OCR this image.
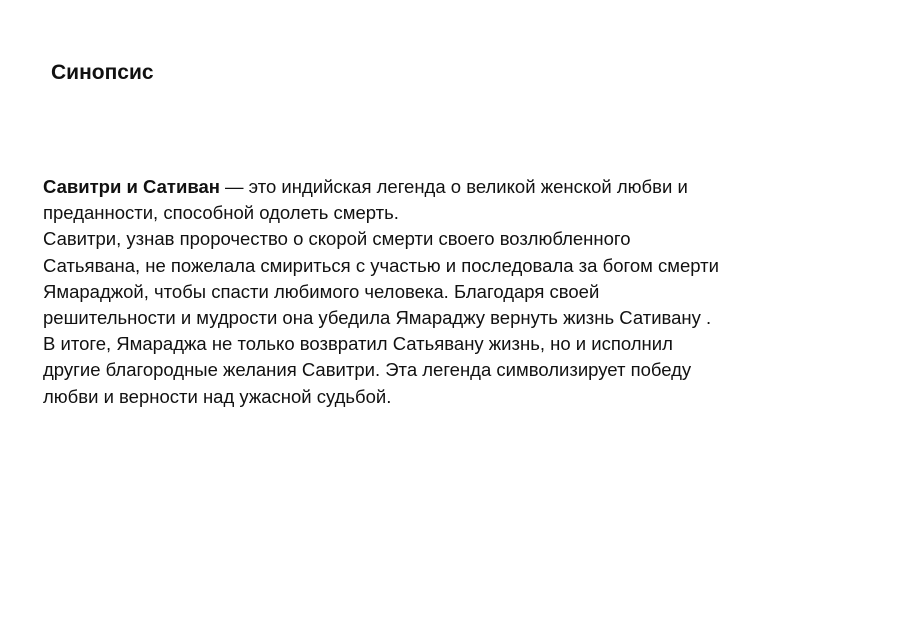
Синопсис
Савитри и Сативан — это индийская легенда о великой женской любви и
преданности, способной одолеть смерть.
Савитри, узнав пророчество о скорой смерти своего возлюбленного
Сатьявана, не пожелала смириться с участью и последовала за богом смерти
Ямараджой, чтобы спасти любимого человека. Благодаря своей
решительности и мудрости она убедила Ямараджу вернуть жизнь Сативану .
В итоге, Ямараджа не только возвратил Сатьявану жизнь, но и исполнил
другие благородные желания Савитри. Эта легенда символизирует победу
любви и верности над ужасной судьбой.
